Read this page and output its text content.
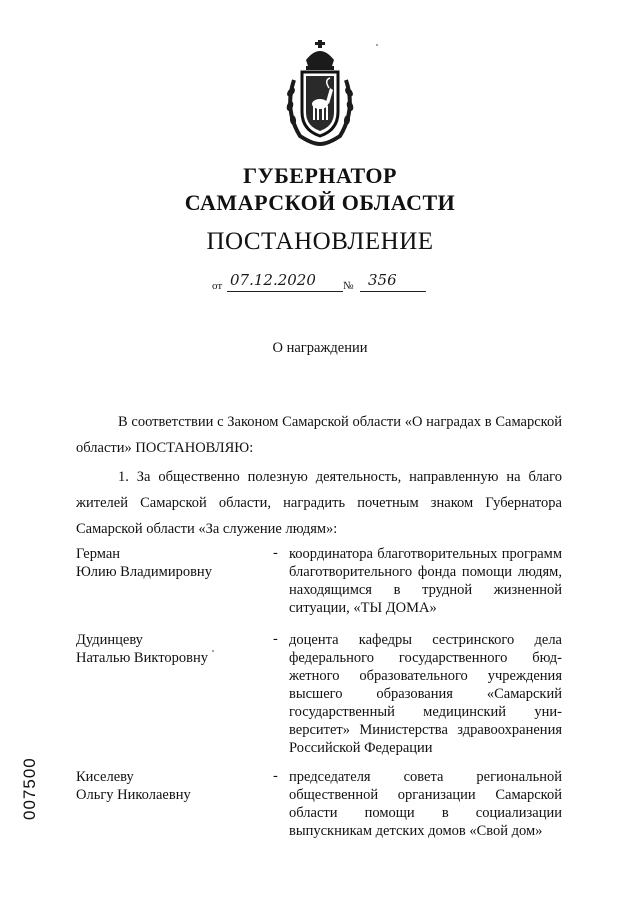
ГУБЕРНАТОР
САМАРСКОЙ ОБЛАСТИ
ПОСТАНОВЛЕНИЕ
от 07.12.2020 № 356
О награждении
В соответствии с Законом Самарской области «О наградах в Самарской области» ПОСТАНОВЛЯЮ:
1. За общественно полезную деятельность, направленную на благо жителей Самарской области, наградить почетным знаком Губернатора Самарской области «За служение людям»:
Герман
Юлию Владимировну
- координатора благотворительных программ благотворительного фонда помощи людям, находящимся в трудной жизненной ситуации, «ТЫ ДОМА»
Дудинцеву
Наталью Викторовну
- доцента кафедры сестринского дела федерального государственного бюджетного образовательного учреждения высшего образования «Самарский государственный медицинский университет» Министерства здравоохранения Российской Федерации
Киселеву
Ольгу Николаевну
- председателя совета региональной общественной организации Самарской области помощи в социализации выпускникам детских домов «Свой дом»
007500
